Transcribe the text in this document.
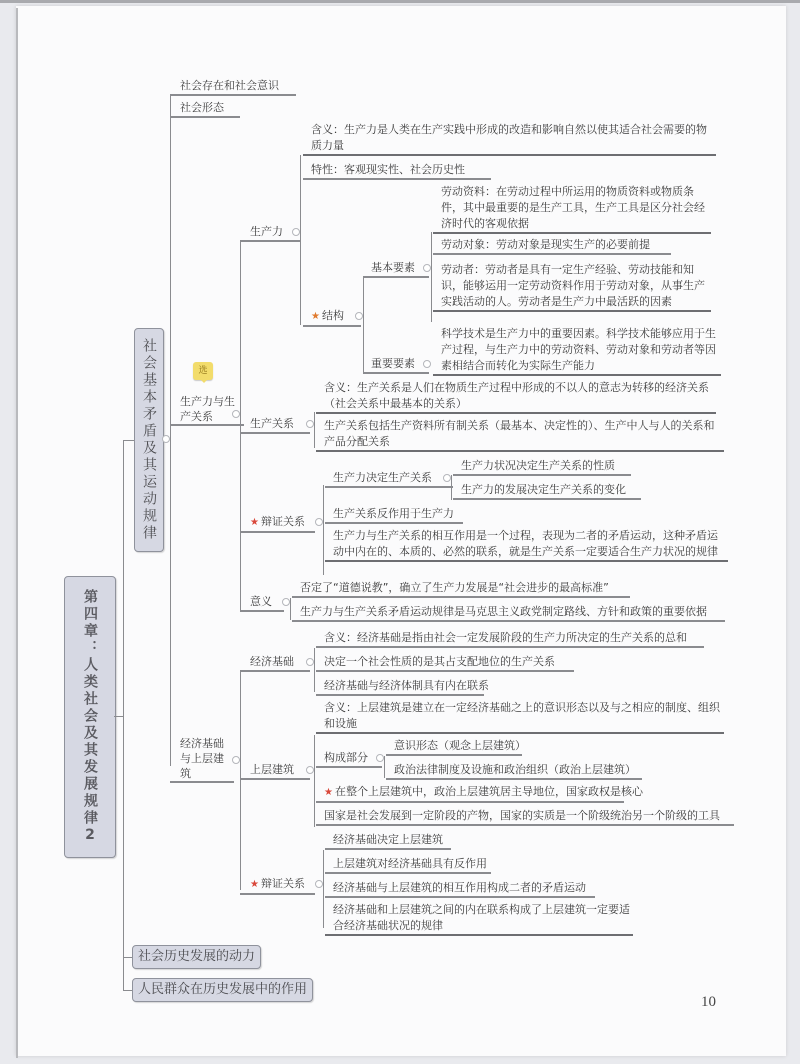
第四章：人类社会及其发展规律2
社会基本矛盾及其运动规律
社会存在和社会意识
社会形态
选
生产力与生产关系
生产力
含义：生产力是人类在生产实践中形成的改造和影响自然以使其适合社会需要的物质力量
特性：客观现实性、社会历史性
★ 结构
基本要素
劳动资料：在劳动过程中所运用的物质资料或物质条件，其中最重要的是生产工具，生产工具是区分社会经济时代的客观依据
劳动对象：劳动对象是现实生产的必要前提
劳动者：劳动者是具有一定生产经验、劳动技能和知识，能够运用一定劳动资料作用于劳动对象，从事生产实践活动的人。劳动者是生产力中最活跃的因素
重要要素
科学技术是生产力中的重要因素。科学技术能够应用于生产过程，与生产力中的劳动资料、劳动对象和劳动者等因素相结合而转化为实际生产能力
生产关系
含义：生产关系是人们在物质生产过程中形成的不以人的意志为转移的经济关系（社会关系中最基本的关系）
生产关系包括生产资料所有制关系（最基本、决定性的）、生产中人与人的关系和产品分配关系
★ 辩证关系
生产力决定生产关系
生产力状况决定生产关系的性质
生产力的发展决定生产关系的变化
生产关系反作用于生产力
生产力与生产关系的相互作用是一个过程，表现为二者的矛盾运动，这种矛盾运动中内在的、本质的、必然的联系，就是生产关系一定要适合生产力状况的规律
意义
否定了“道德说教”，确立了生产力发展是“社会进步的最高标准”
生产力与生产关系矛盾运动规律是马克思主义政党制定路线、方针和政策的重要依据
经济基础与上层建筑
经济基础
含义：经济基础是指由社会一定发展阶段的生产力所决定的生产关系的总和
决定一个社会性质的是其占支配地位的生产关系
经济基础与经济体制具有内在联系
上层建筑
含义：上层建筑是建立在一定经济基础之上的意识形态以及与之相应的制度、组织和设施
构成部分
意识形态（观念上层建筑）
政治法律制度及设施和政治组织（政治上层建筑）
★ 在整个上层建筑中，政治上层建筑居主导地位，国家政权是核心
国家是社会发展到一定阶段的产物，国家的实质是一个阶级统治另一个阶级的工具
★ 辩证关系
经济基础决定上层建筑
上层建筑对经济基础具有反作用
经济基础与上层建筑的相互作用构成二者的矛盾运动
经济基础和上层建筑之间的内在联系构成了上层建筑一定要适合经济基础状况的规律
社会历史发展的动力
人民群众在历史发展中的作用
10
